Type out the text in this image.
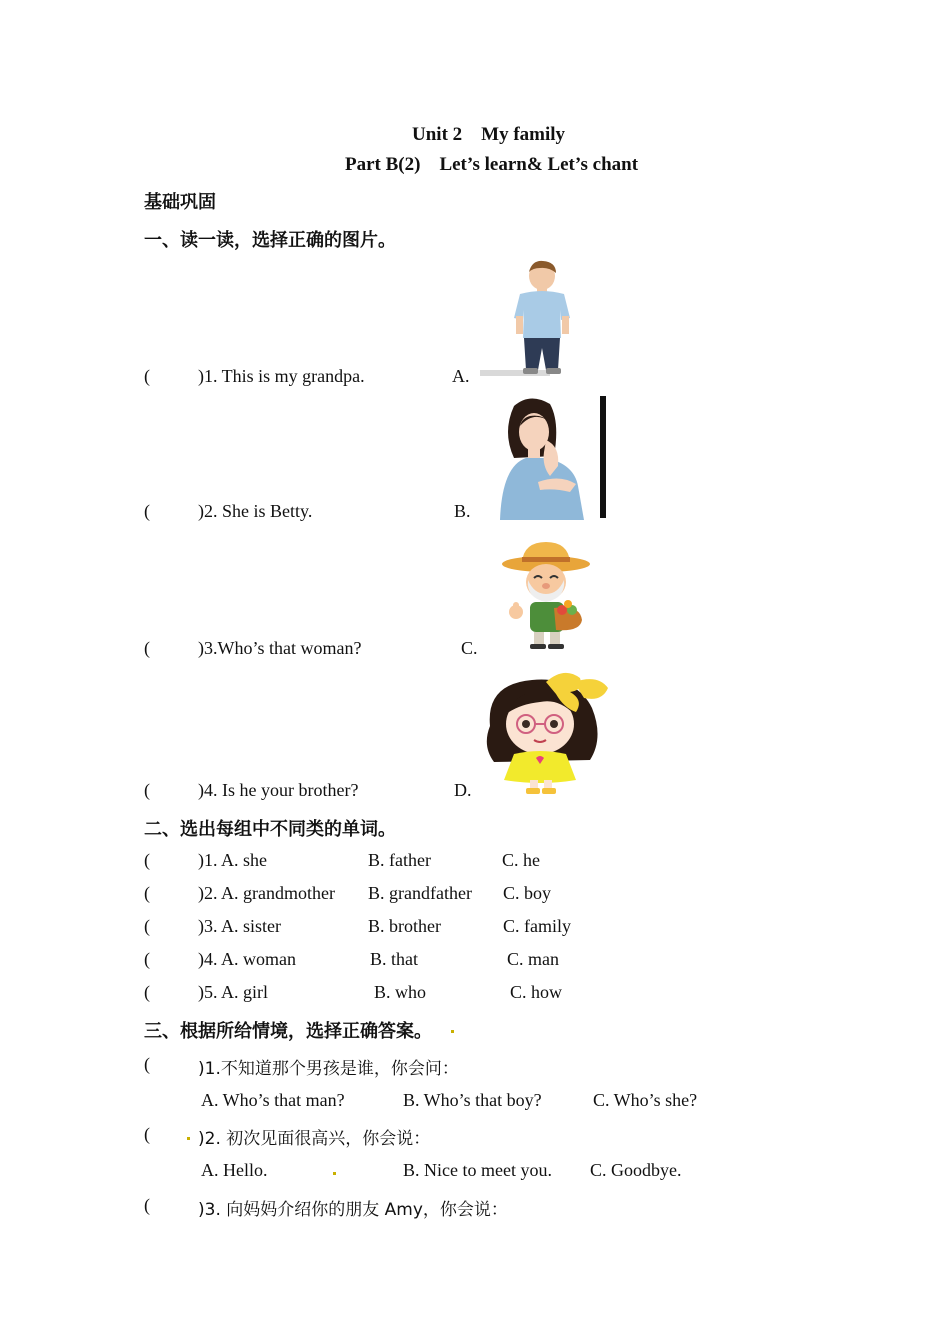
Unit 2 My family
Part B(2) Let’s learn& Let’s chant
基础巩固
一、读一读，选择正确的图片。
(	)1. This is my grandpa.	A.
(	)2. She is Betty.	B.
(	)3.Who’s that woman?	C.
(	)4. Is he your brother?	D.
二、选出每组中不同类的单词。
(	)1. A. she	B. father	C. he
(	)2. A. grandmother B. grandfather C. boy
(	)3. A. sister	B. brother	C. family
(	)4. A. woman	B. that	C. man
(	)5. A. girl	B. who	C. how
三、根据所给情境，选择正确答案。
(	)1.不知道那个男孩是谁，你会问：
A. Who’s that man?	B. Who’s that boy?	C. Who’s she?
(	)2. 初次见面很高兴，你会说：
A. Hello.	B. Nice to meet you. C. Goodbye.
(	)3. 向妈妈介绍你的朋友 Amy，你会说：
